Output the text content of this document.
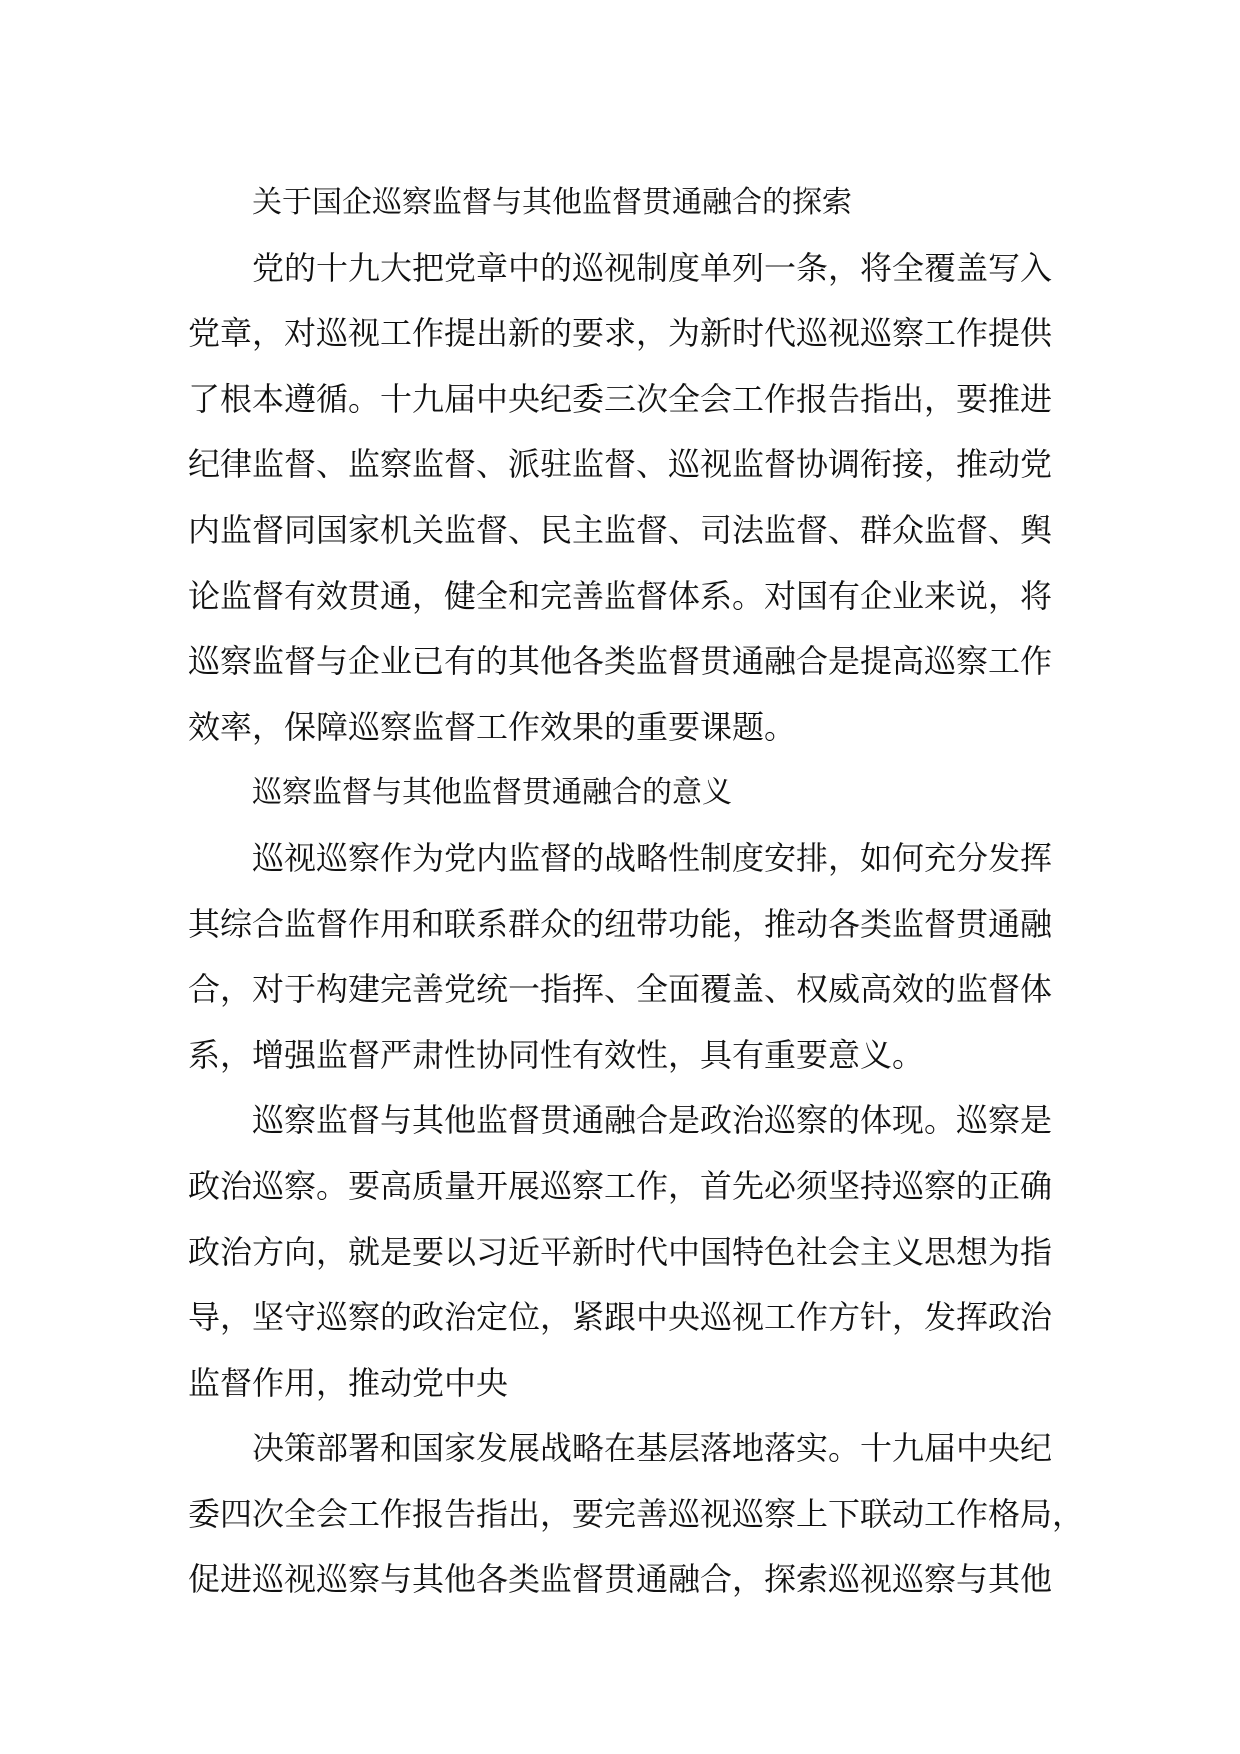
关于国企巡察监督与其他监督贯通融合的探索
党的十九大把党章中的巡视制度单列一条，将全覆盖写入
党章，对巡视工作提出新的要求，为新时代巡视巡察工作提供
了根本遵循。十九届中央纪委三次全会工作报告指出，要推进
纪律监督、监察监督、派驻监督、巡视监督协调衔接，推动党
内监督同国家机关监督、民主监督、司法监督、群众监督、舆
论监督有效贯通，健全和完善监督体系。对国有企业来说，将
巡察监督与企业已有的其他各类监督贯通融合是提高巡察工作
效率，保障巡察监督工作效果的重要课题。
巡察监督与其他监督贯通融合的意义
巡视巡察作为党内监督的战略性制度安排，如何充分发挥
其综合监督作用和联系群众的纽带功能，推动各类监督贯通融
合，对于构建完善党统一指挥、全面覆盖、权威高效的监督体
系，增强监督严肃性协同性有效性，具有重要意义。
巡察监督与其他监督贯通融合是政治巡察的体现。巡察是
政治巡察。要高质量开展巡察工作，首先必须坚持巡察的正确
政治方向，就是要以习近平新时代中国特色社会主义思想为指
导，坚守巡察的政治定位，紧跟中央巡视工作方针，发挥政治
监督作用，推动党中央
决策部署和国家发展战略在基层落地落实。十九届中央纪
委四次全会工作报告指出，要完善巡视巡察上下联动工作格局，
促进巡视巡察与其他各类监督贯通融合，探索巡视巡察与其他
